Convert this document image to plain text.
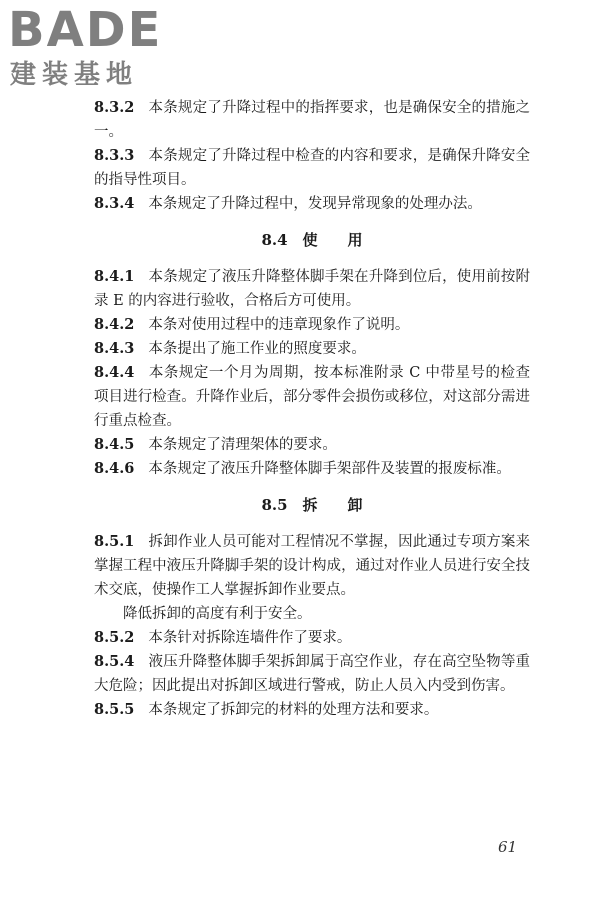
BADE
建装基地

8.3.2 本条规定了升降过程中的指挥要求，也是确保安全的措施之一。

8.3.3 本条规定了升降过程中检查的内容和要求，是确保升降安全的指导性项目。

8.3.4 本条规定了升降过程中，发现异常现象的处理办法。

8.4　使　　用

8.4.1 本条规定了液压升降整体脚手架在升降到位后，使用前按附录 E 的内容进行验收，合格后方可使用。

8.4.2 本条对使用过程中的违章现象作了说明。

8.4.3 本条提出了施工作业的照度要求。

8.4.4 本条规定一个月为周期，按本标准附录 C 中带星号的检查项目进行检查。升降作业后，部分零件会损伤或移位，对这部分需进行重点检查。

8.4.5 本条规定了清理架体的要求。

8.4.6 本条规定了液压升降整体脚手架部件及装置的报废标准。

8.5　拆　　卸

8.5.1 拆卸作业人员可能对工程情况不掌握，因此通过专项方案来掌握工程中液压升降脚手架的设计构成，通过对作业人员进行安全技术交底，使操作工人掌握拆卸作业要点。

降低拆卸的高度有利于安全。

8.5.2 本条针对拆除连墙件作了要求。

8.5.4 液压升降整体脚手架拆卸属于高空作业，存在高空坠物等重大危险；因此提出对拆卸区域进行警戒，防止人员入内受到伤害。

8.5.5 本条规定了拆卸完的材料的处理方法和要求。

61
